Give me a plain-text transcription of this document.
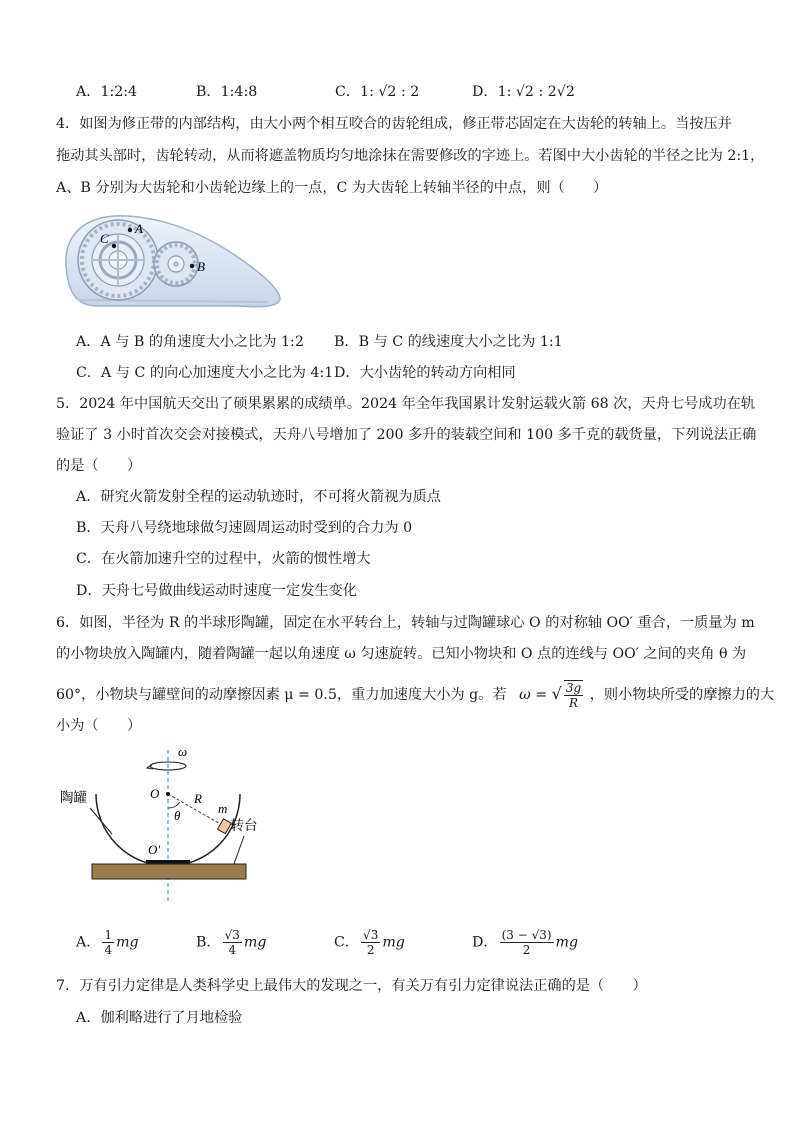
A．1:2:4	B．1:4:8	C．1: √2 : 2	D．1: √2 : 2√2
4．如图为修正带的内部结构，由大小两个相互咬合的齿轮组成，修正带芯固定在大齿轮的转轴上。当按压并
拖动其头部时，齿轮转动，从而将遮盖物质均匀地涂抹在需要修改的字迹上。若图中大小齿轮的半径之比为 2:1，
A、B 分别为大齿轮和小齿轮边缘上的一点，C 为大齿轮上转轴半径的中点，则（　　）
A
C
B
A．A 与 B 的角速度大小之比为 1:2 B．B 与 C 的线速度大小之比为 1:1
C．A 与 C 的向心加速度大小之比为 4:1 D．大小齿轮的转动方向相同
5．2024 年中国航天交出了硕果累累的成绩单。2024 年全年我国累计发射运载火箭 68 次，天舟七号成功在轨
验证了 3 小时首次交会对接模式，天舟八号增加了 200 多升的装载空间和 100 多千克的载货量，下列说法正确
的是（　　）
A．研究火箭发射全程的运动轨迹时，不可将火箭视为质点
B．天舟八号绕地球做匀速圆周运动时受到的合力为 0
C．在火箭加速升空的过程中，火箭的惯性增大
D．天舟七号做曲线运动时速度一定发生变化
6．如图，半径为 R 的半球形陶罐，固定在水平转台上，转轴与过陶罐球心 O 的对称轴 OO′ 重合，一质量为 m
的小物块放入陶罐内，随着陶罐一起以角速度 ω 匀速旋转。已知小物块和 O 点的连线与 OO′ 之间的夹角 θ 为
60°，小物块与罐壁间的动摩擦因素 μ = 0.5，重力加速度大小为 g。若 ω = √ $\frac{3g}{R}$ ，则小物块所受的摩擦力的大
小为（　　）
ω
O	R
θ	m
O′
陶罐
转台
A． $\frac{1}{4}$ mg	B． $\frac{√3}{4}$ mg	C． $\frac{√3}{2}$ mg	D． $\frac{(3 - √3)}{2}$ mg
7．万有引力定律是人类科学史上最伟大的发现之一，有关万有引力定律说法正确的是（　　）
A．伽利略进行了月地检验
